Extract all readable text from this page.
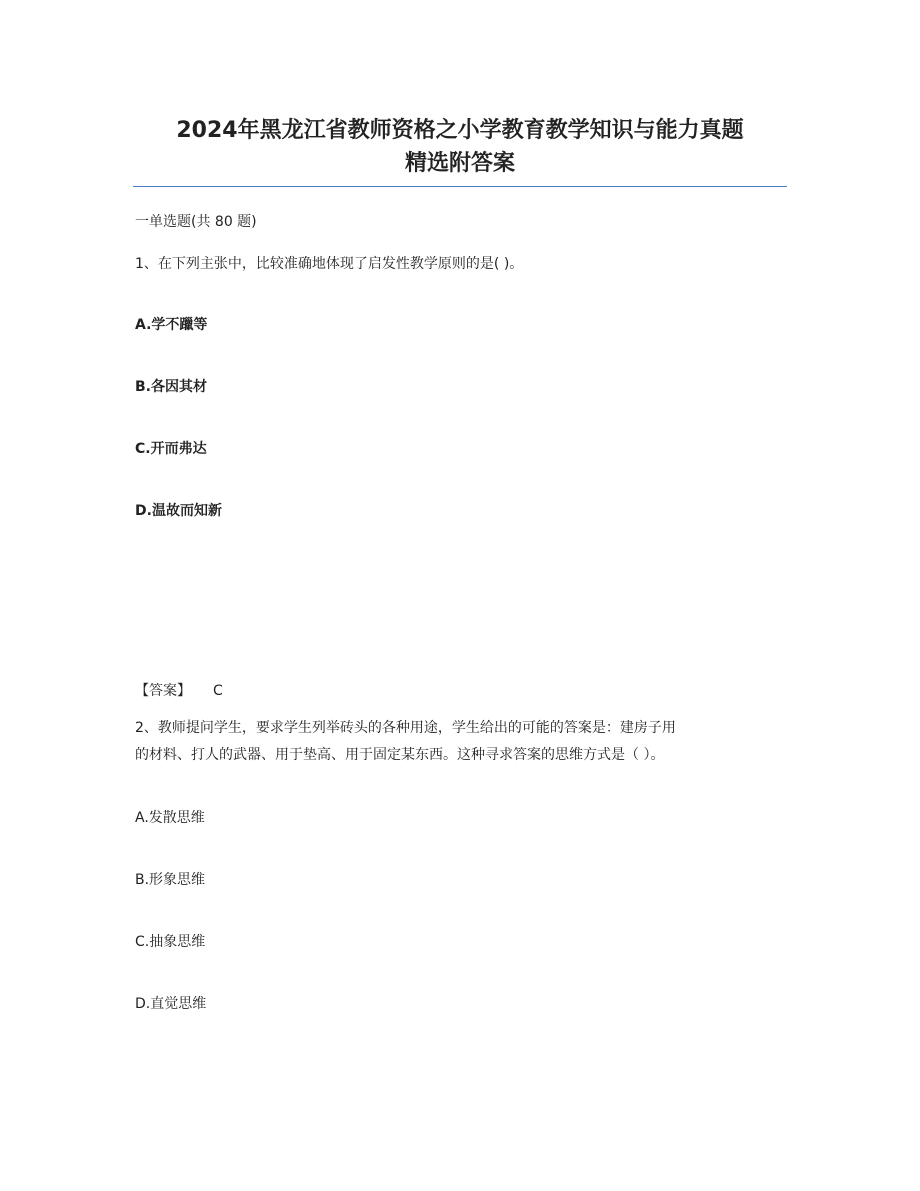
2024年黑龙江省教师资格之小学教育教学知识与能力真题
精选附答案

一单选题(共 80 题)

1、在下列主张中，比较准确地体现了启发性教学原则的是( )。

A.学不躐等

B.各因其材

C.开而弗达

D.温故而知新

【答案】 C

2、教师提问学生，要求学生列举砖头的各种用途，学生给出的可能的答案是：建房子用

的材料、打人的武器、用于垫高、用于固定某东西。这种寻求答案的思维方式是（ ）。

A.发散思维

B.形象思维

C.抽象思维

D.直觉思维
